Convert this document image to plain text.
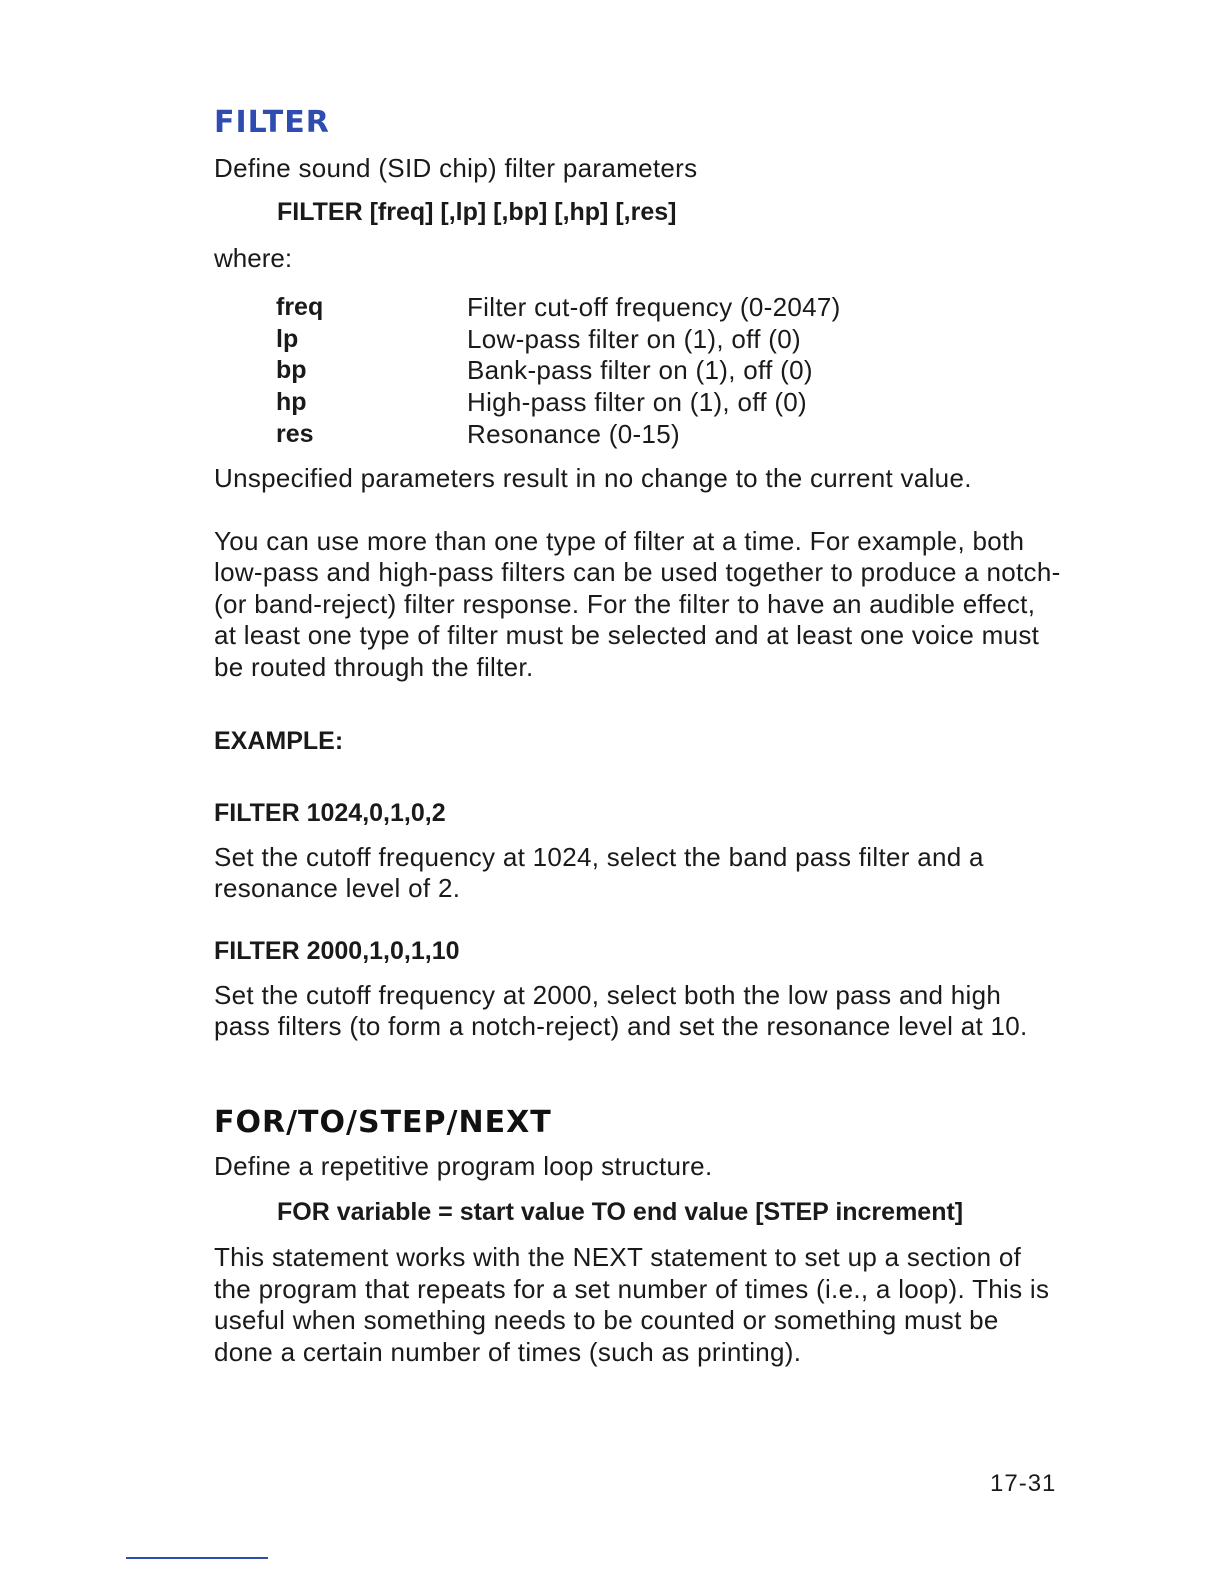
FILTER

Define sound (SID chip) filter parameters

FILTER [freq] [,lp] [,bp] [,hp] [,res]
where:
freq	Filter cut-off frequency (0-2047)
lp	Low-pass filter on (1), off (0)
bp	Bank-pass filter on (1), off (0)
hp	High-pass filter on (1), off (0)
res	Resonance (0-15)

Unspecified parameters result in no change to the current value.

You can use more than one type of filter at a time. For example, both low-pass and high-pass filters can be used together to produce a notch-(or band-reject) filter response. For the filter to have an audible effect, at least one type of filter must be selected and at least one voice must be routed through the filter.

EXAMPLE:
FILTER 1024,0,1,0,2

Set the cutoff frequency at 1024, select the band pass filter and a resonance level of 2.

FILTER 2000,1,0,1,10

Set the cutoff frequency at 2000, select both the low pass and high pass filters (to form a notch-reject) and set the resonance level at 10.

FOR/TO/STEP/NEXT

Define a repetitive program loop structure.

FOR variable = start value TO end value [STEP increment]

This statement works with the NEXT statement to set up a section of the program that repeats for a set number of times (i.e., a loop). This is useful when something needs to be counted or something must be done a certain number of times (such as printing).

17-31
